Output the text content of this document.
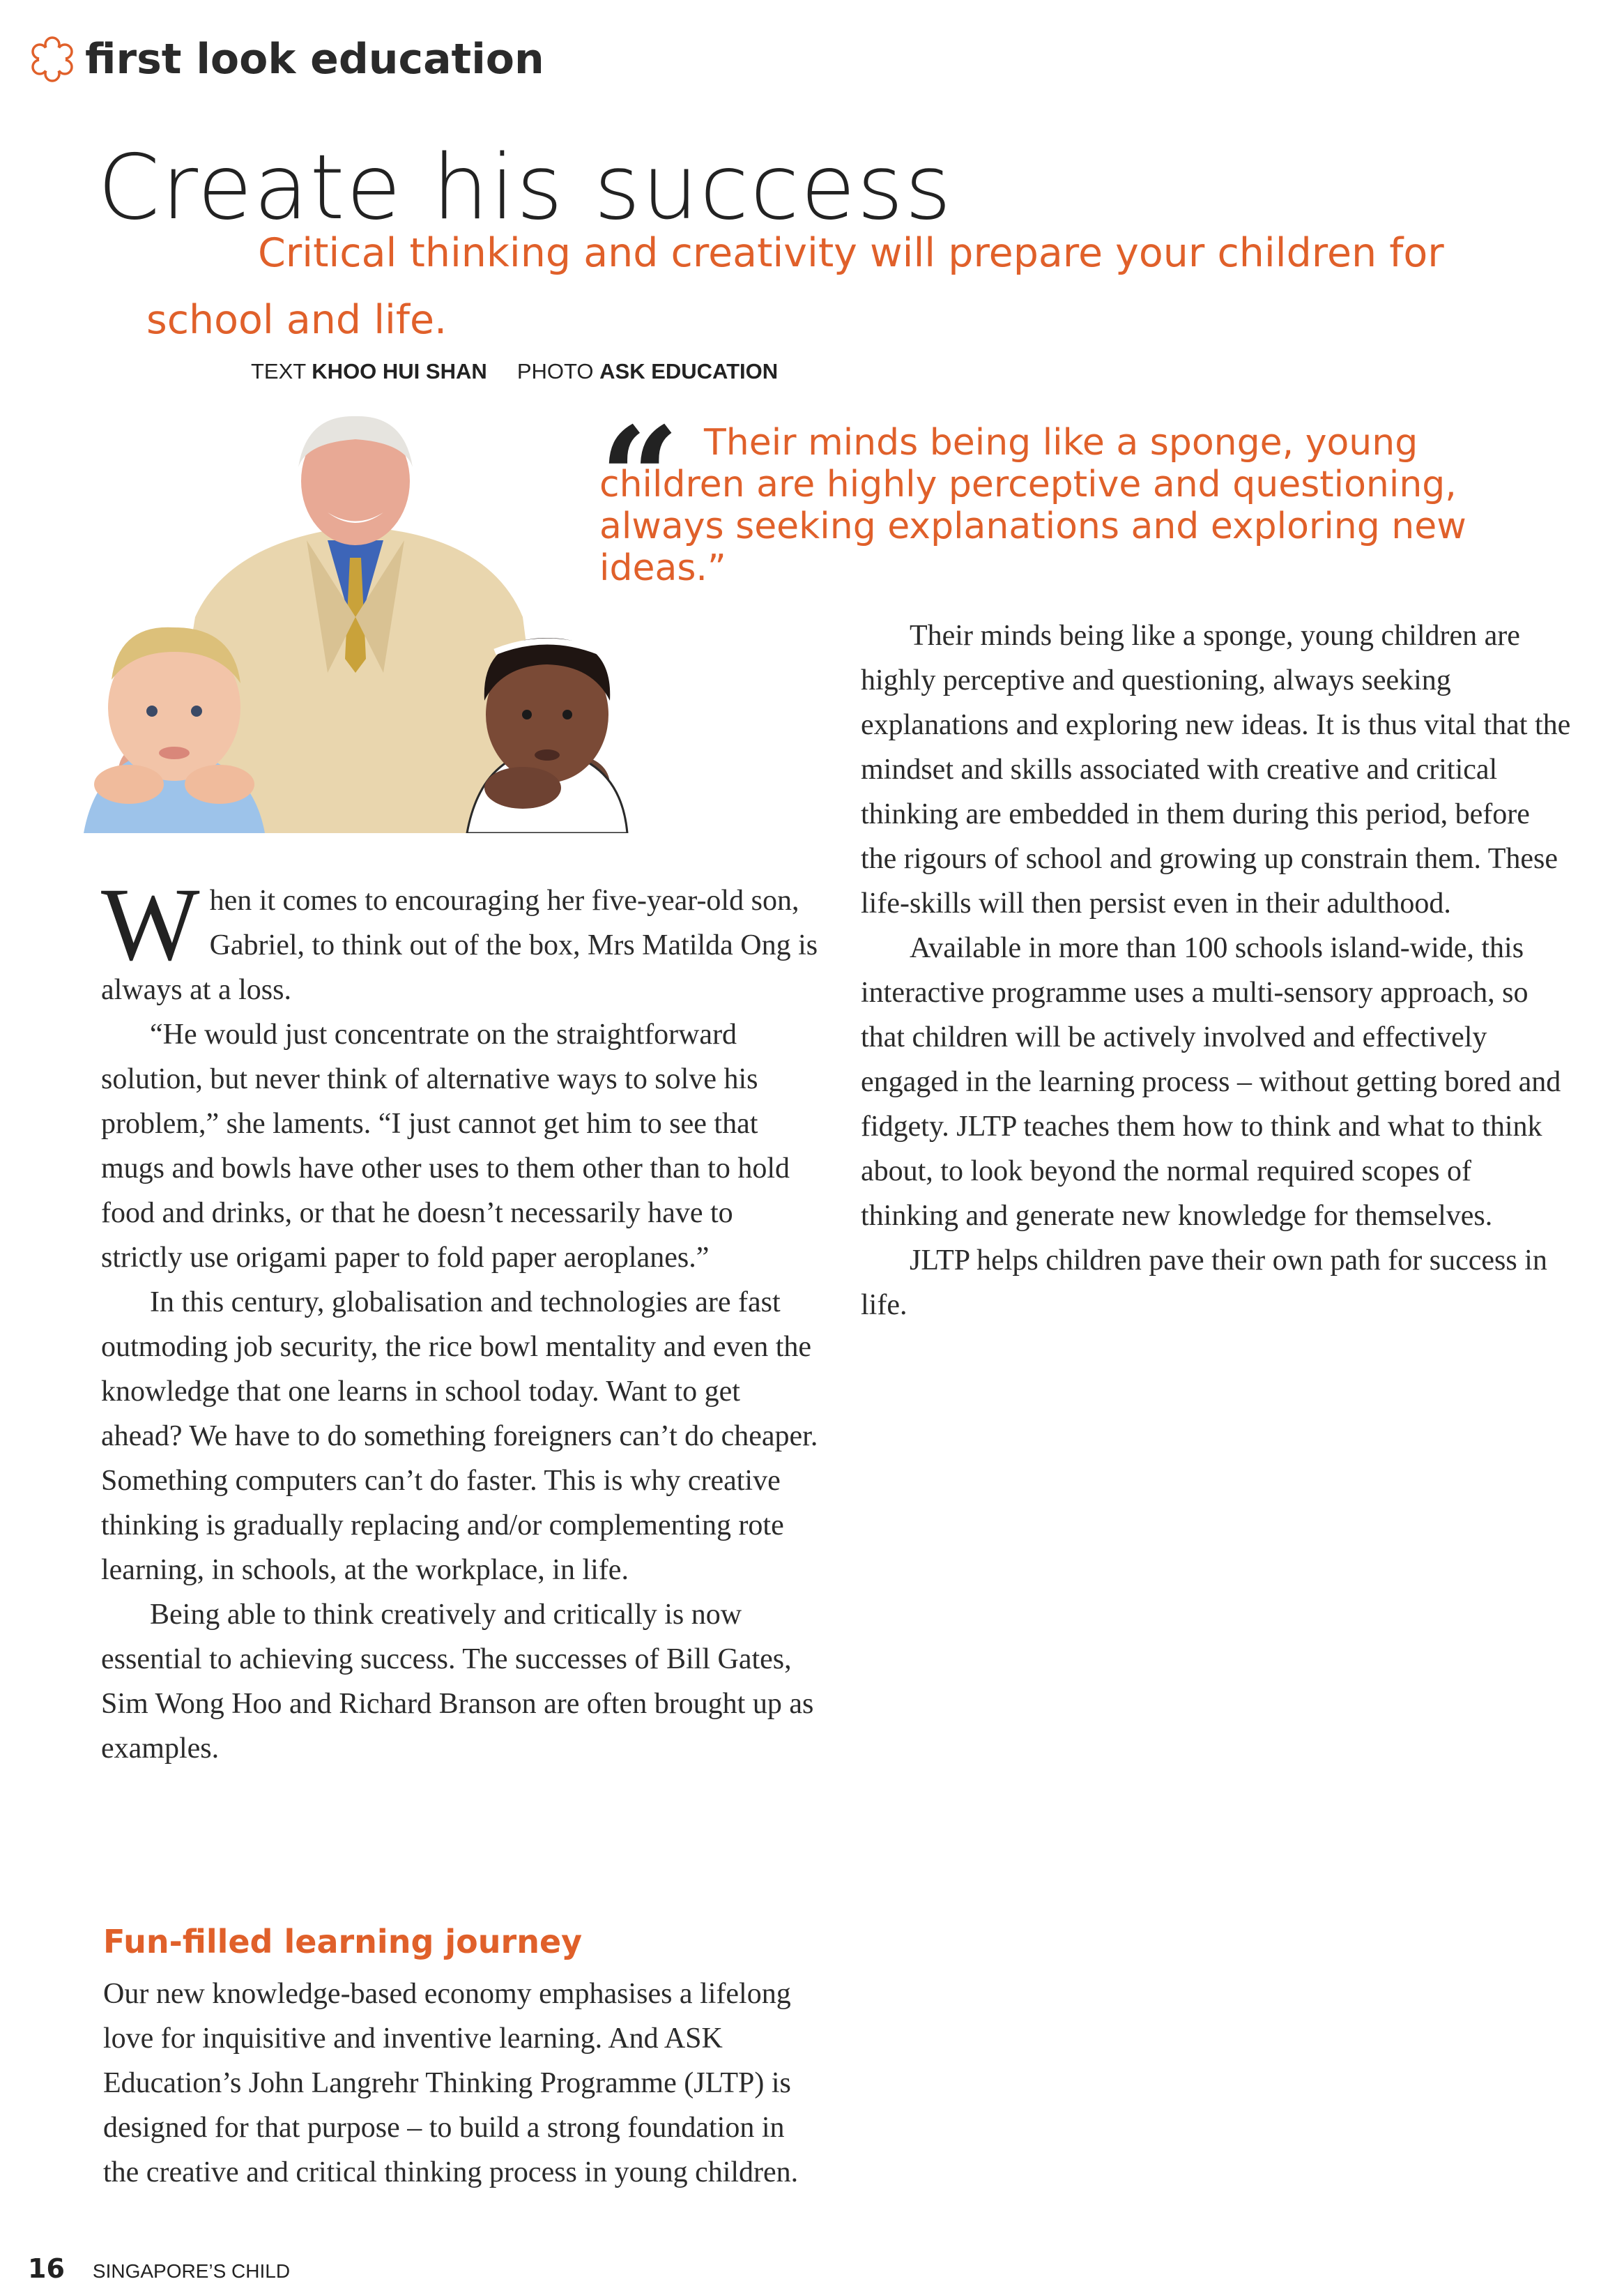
first look education
Create his success
Critical thinking and creativity will prepare your children for school and life.
TEXT KHOO HUI SHAN PHOTO ASK EDUCATION
“ Their minds being like a sponge, young children are highly perceptive and questioning, always seeking explanations and exploring new ideas.”

W hen it comes to encouraging her five-year-old son, Gabriel, to think out of the box, Mrs Matilda Ong is always at a loss.

“He would just concentrate on the straightforward solution, but never think of alternative ways to solve his problem,” she laments. “I just cannot get him to see that mugs and bowls have other uses to them other than to hold food and drinks, or that he doesn’t necessarily have to strictly use origami paper to fold paper aeroplanes.”

In this century, globalisation and technologies are fast outmoding job security, the rice bowl mentality and even the knowledge that one learns in school today. Want to get ahead? We have to do something foreigners can’t do cheaper. Something computers can’t do faster. This is why creative thinking is gradually replacing and/or complementing rote learning, in schools, at the workplace, in life.

Being able to think creatively and critically is now essential to achieving success. The successes of Bill Gates, Sim Wong Hoo and Richard Branson are often brought up as examples.

Fun-filled learning journey

Our new knowledge-based economy emphasises a lifelong love for inquisitive and inventive learning. And ASK Education’s John Langrehr Thinking Programme (JLTP) is designed for that purpose – to build a strong foundation in the creative and critical thinking process in young children.

Their minds being like a sponge, young children are highly perceptive and questioning, always seeking explanations and exploring new ideas. It is thus vital that the mindset and skills associated with creative and critical thinking are embedded in them during this period, before the rigours of school and growing up constrain them. These life-skills will then persist even in their adulthood.

Available in more than 100 schools island-wide, this interactive programme uses a multi-sensory approach, so that children will be actively involved and effectively engaged in the learning process – without getting bored and fidgety. JLTP teaches them how to think and what to think about, to look beyond the normal required scopes of thinking and generate new knowledge for themselves.

JLTP helps children pave their own path for success in life.

16 SINGAPORE’S CHILD
